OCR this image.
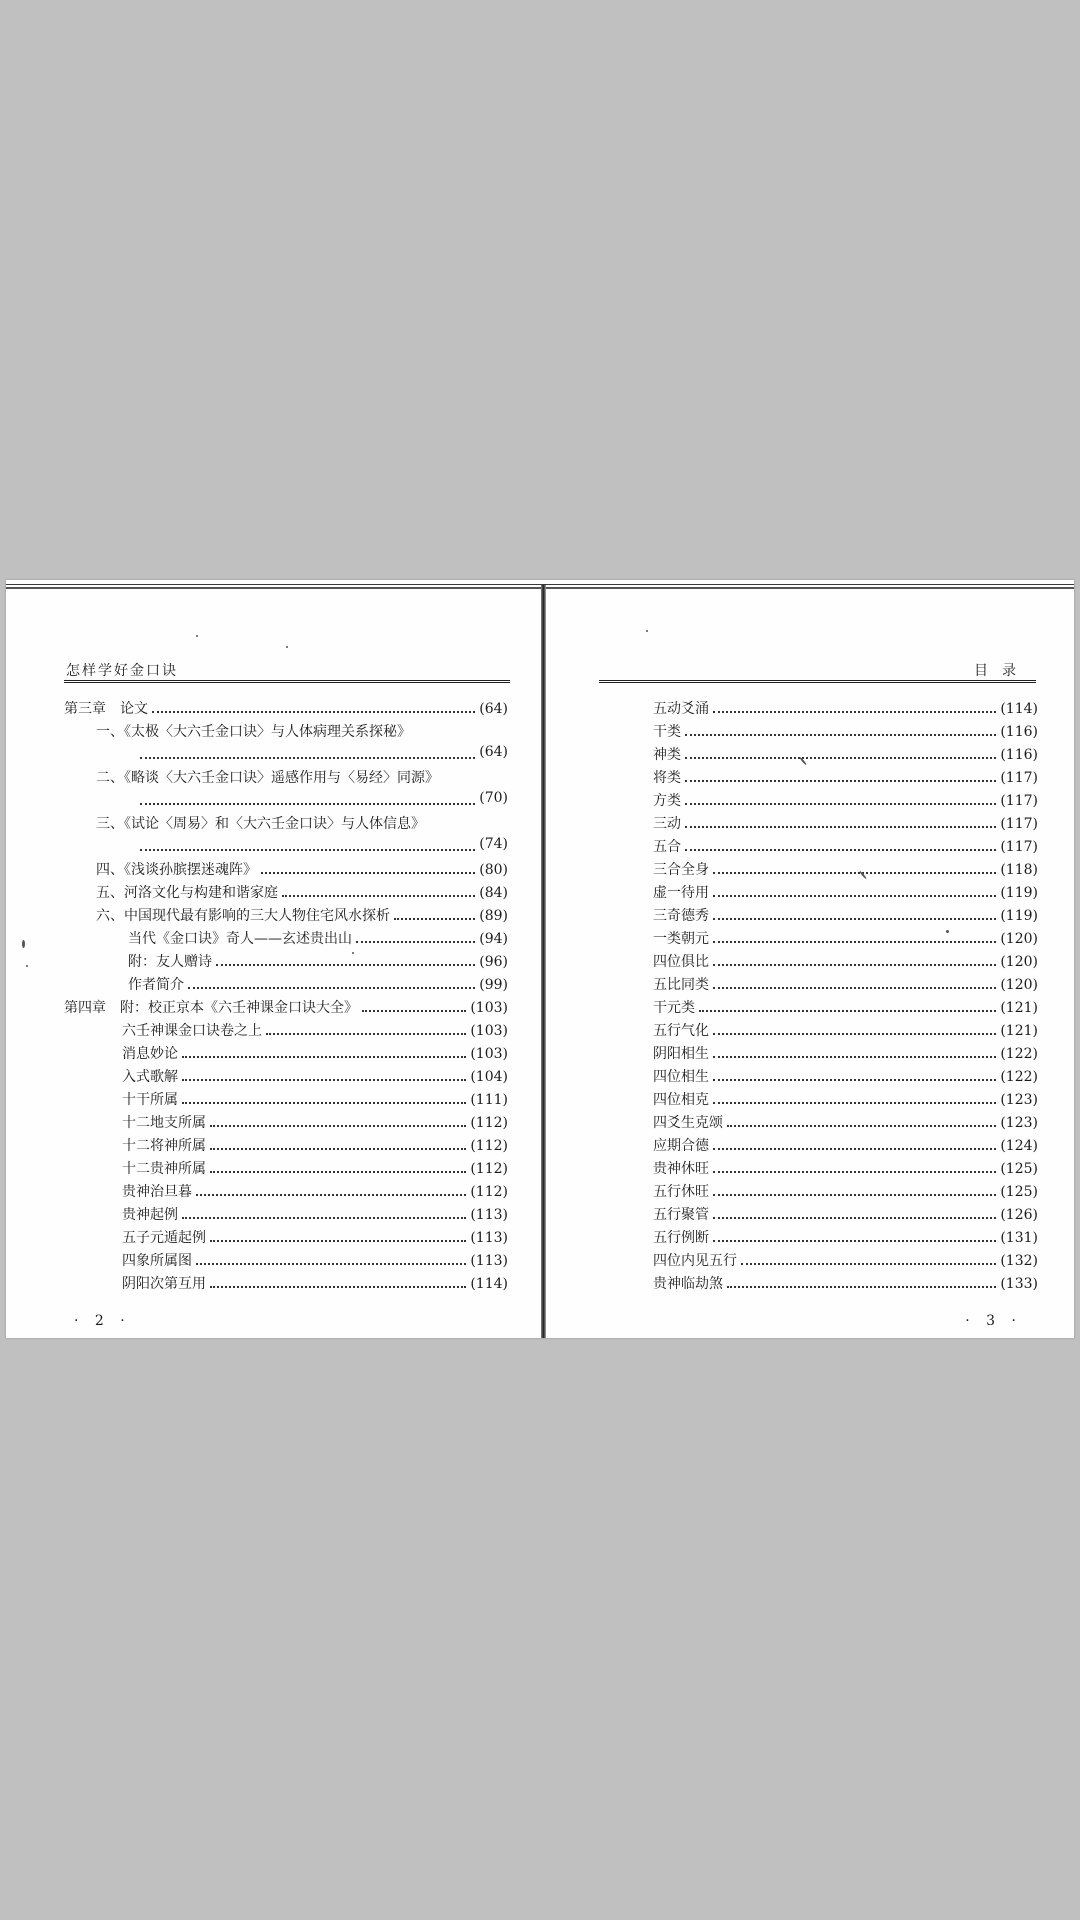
怎样学好金口诀
第三章　论文	(64)
一、《太极〈大六壬金口诀〉与人体病理关系探秘》
(64)
二、《略谈〈大六壬金口诀〉遥感作用与〈易经〉同源》
(70)
三、《试论〈周易〉和〈大六壬金口诀〉与人体信息》
(74)
四、《浅谈孙膑摆迷魂阵》	(80)
五、河洛文化与构建和谐家庭	(84)
六、中国现代最有影响的三大人物住宅风水探析	(89)
当代《金口诀》奇人——玄述贵出山	(94)
附：友人赠诗	(96)
作者简介	(99)
第四章　附：校正京本《六壬神课金口诀大全》	(103)
六壬神课金口诀卷之上	(103)
消息妙论	(103)
入式歌解	(104)
十干所属	(111)
十二地支所属	(112)
十二将神所属	(112)
十二贵神所属	(112)
贵神治旦暮	(112)
贵神起例	(113)
五子元遁起例	(113)
四象所属图	(113)
阴阳次第互用	(114)
· 2 ·
目录
五动爻涌	(114)
干类	(116)
神类	(116)
将类	(117)
方类	(117)
三动	(117)
五合	(117)
三合全身	(118)
虚一待用	(119)
三奇德秀	(119)
一类朝元	(120)
四位俱比	(120)
五比同类	(120)
干元类	(121)
五行气化	(121)
阴阳相生	(122)
四位相生	(122)
四位相克	(123)
四爻生克颂	(123)
应期合德	(124)
贵神休旺	(125)
五行休旺	(125)
五行聚管	(126)
五行例断	(131)
四位内见五行	(132)
贵神临劫煞	(133)
· 3 ·
